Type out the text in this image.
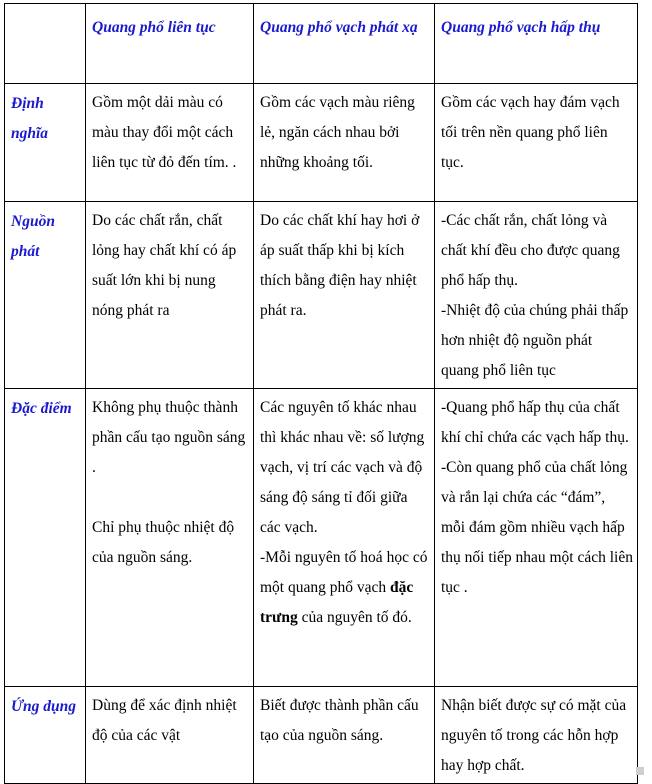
	Quang phổ liên tục	Quang phổ vạch phát xạ	Quang phổ vạch hấp thụ
Định nghĩa	Gồm một dải màu có màu thay đổi một cách liên tục từ đỏ đến tím. .	Gồm các vạch màu riêng lẻ, ngăn cách nhau bởi những khoảng tối.	Gồm các vạch hay đám vạch tối trên nền quang phổ liên tục.

Nguồn phát	Do các chất rắn, chất lỏng hay chất khí có áp suất lớn khi bị nung nóng phát ra	Do các chất khí hay hơi ở áp suất thấp khi bị kích thích bằng điện hay nhiệt phát ra.	-Các chất rắn, chất lỏng và chất khí đều cho được quang phổ hấp thụ.
-Nhiệt độ của chúng phải thấp hơn nhiệt độ nguồn phát quang phổ liên tục

Đặc điểm	Không phụ thuộc thành phần cấu tạo nguồn sáng .
Chỉ phụ thuộc nhiệt độ của nguồn sáng.	Các nguyên tố khác nhau thì khác nhau về: số lượng vạch, vị trí các vạch và độ sáng độ sáng tỉ đối giữa các vạch.
-Mỗi nguyên tố hoá học có một quang phổ vạch đặc trưng của nguyên tố đó.	-Quang phổ hấp thụ của chất khí chỉ chứa các vạch hấp thụ.
-Còn quang phổ của chất lỏng và rắn lại chứa các “đám”, mỗi đám gồm nhiều vạch hấp thụ nối tiếp nhau một cách liên tục .

Ứng dụng	Dùng để xác định nhiệt độ của các vật	Biết được thành phần cấu tạo của nguồn sáng.	Nhận biết được sự có mặt của nguyên tố trong các hỗn hợp hay hợp chất.
